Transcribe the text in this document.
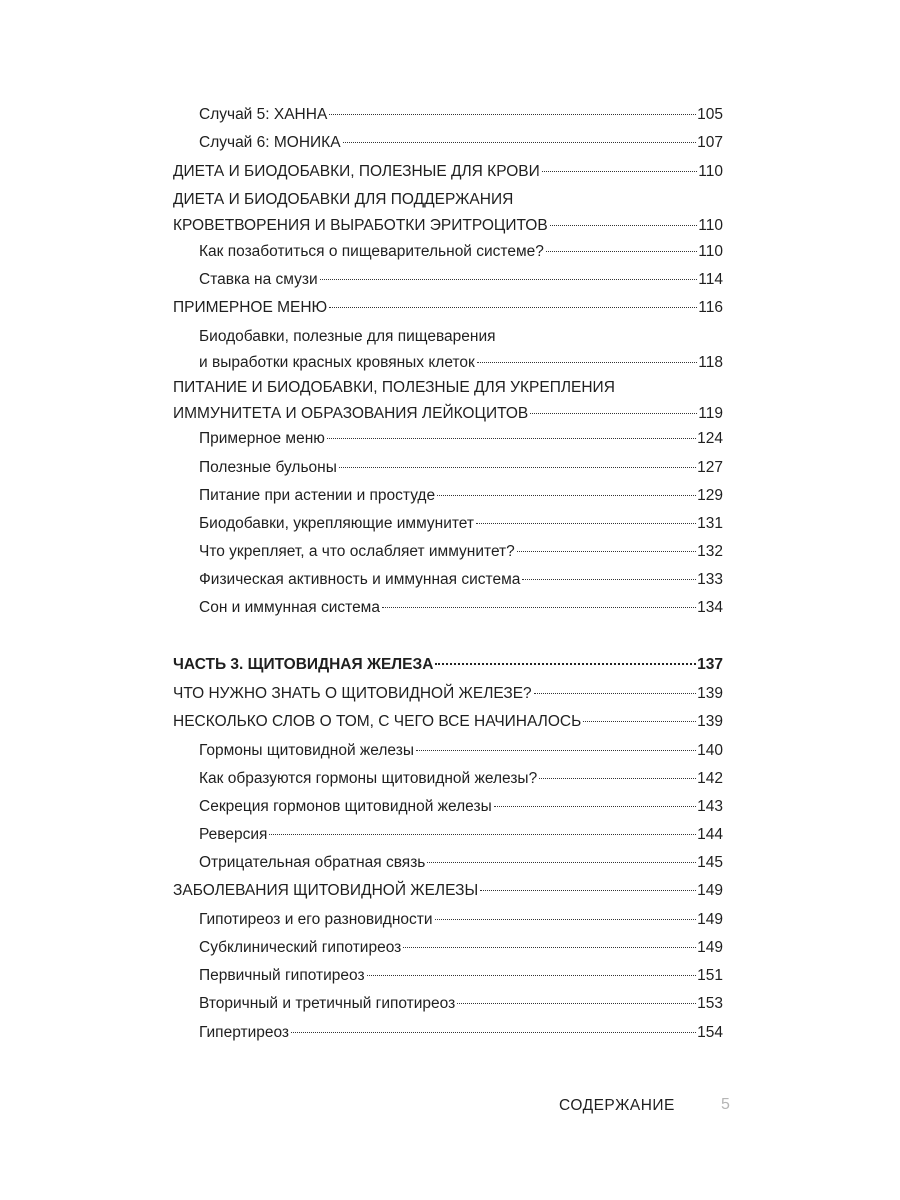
Случай 5: ХАННА	105
Случай 6: МОНИКА	107
ДИЕТА И БИОДОБАВКИ, ПОЛЕЗНЫЕ ДЛЯ КРОВИ	110
ДИЕТА И БИОДОБАВКИ ДЛЯ ПОДДЕРЖАНИЯ
КРОВЕТВОРЕНИЯ И ВЫРАБОТКИ ЭРИТРОЦИТОВ	110
Как позаботиться о пищеварительной системе?	110
Ставка на смузи	114
ПРИМЕРНОЕ МЕНЮ	116
Биодобавки, полезные для пищеварения
и выработки красных кровяных клеток	118
ПИТАНИЕ И БИОДОБАВКИ, ПОЛЕЗНЫЕ ДЛЯ УКРЕПЛЕНИЯ
ИММУНИТЕТА И ОБРАЗОВАНИЯ ЛЕЙКОЦИТОВ	119
Примерное меню	124
Полезные бульоны	127
Питание при астении и простуде	129
Биодобавки, укрепляющие иммунитет	131
Что укрепляет, а что ослабляет иммунитет?	132
Физическая активность и иммунная система	133
Сон и иммунная система	134
ЧАСТЬ 3. ЩИТОВИДНАЯ ЖЕЛЕЗА	137
ЧТО НУЖНО ЗНАТЬ О ЩИТОВИДНОЙ ЖЕЛЕЗЕ?	139
НЕСКОЛЬКО СЛОВ О ТОМ, С ЧЕГО ВСЕ НАЧИНАЛОСЬ	139
Гормоны щитовидной железы	140
Как образуются гормоны щитовидной железы?	142
Секреция гормонов щитовидной железы	143
Реверсия	144
Отрицательная обратная связь	145
ЗАБОЛЕВАНИЯ ЩИТОВИДНОЙ ЖЕЛЕЗЫ	149
Гипотиреоз и его разновидности	149
Субклинический гипотиреоз	149
Первичный гипотиреоз	151
Вторичный и третичный гипотиреоз	153
Гипертиреоз	154
СОДЕРЖАНИЕ	5
